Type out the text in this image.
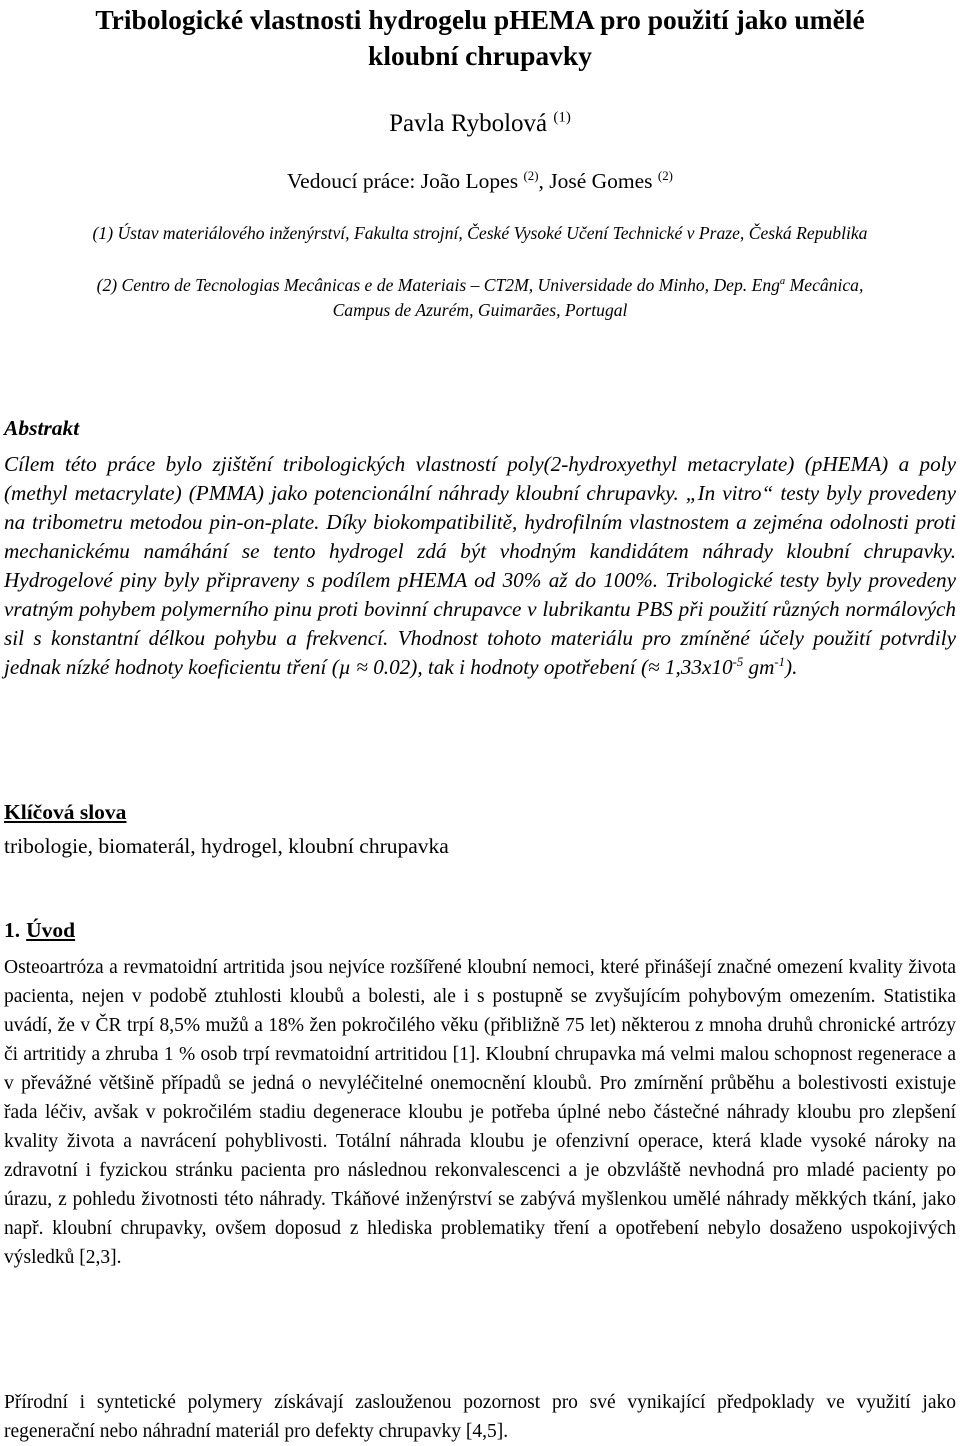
Tribologické vlastnosti hydrogelu pHEMA pro použití jako umělé
kloubní chrupavky
Pavla Rybolová $^{(1)}$
Vedoucí práce: João Lopes $^{(2)}$, José Gomes $^{(2)}$
(1) Ústav materiálového inženýrství, Fakulta strojní, České Vysoké Učení Technické v Praze, Česká Republika
(2) Centro de Tecnologias Mecânicas e de Materiais – CT2M, Universidade do Minho, Dep. Eng$^a$ Mecânica,
Campus de Azurém, Guimarães, Portugal
Abstrakt

Cílem této práce bylo zjištění tribologických vlastností poly(2-hydroxyethyl metacrylate) (pHEMA) a poly (methyl metacrylate) (PMMA) jako potencionální náhrady kloubní chrupavky. „In vitro“ testy byly provedeny na tribometru metodou pin-on-plate. Díky biokompatibilitě, hydrofilním vlastnostem a zejména odolnosti proti mechanickému namáhání se tento hydrogel zdá být vhodným kandidátem náhrady kloubní chrupavky. Hydrogelové piny byly připraveny s podílem pHEMA od 30% až do 100%. Tribologické testy byly provedeny vratným pohybem polymerního pinu proti bovinní chrupavce v lubrikantu PBS při použití různých normálových sil s konstantní délkou pohybu a frekvencí. Vhodnost tohoto materiálu pro zmíněné účely použití potvrdily jednak nízké hodnoty koeficientu tření (µ ≈ 0.02), tak i hodnoty opotřebení (≈ $1,33x10^{-5}$ $gm^{-1}$).

Klíčová slova
tribologie, biomaterál, hydrogel, kloubní chrupavka
1. Úvod

Osteoartróza a revmatoidní artritida jsou nejvíce rozšířené kloubní nemoci, které přinášejí značné omezení kvality života pacienta, nejen v podobě ztuhlosti kloubů a bolesti, ale i s postupně se zvyšujícím pohybovým omezením. Statistika uvádí, že v ČR trpí 8,5% mužů a 18% žen pokročilého věku (přibližně 75 let) některou z mnoha druhů chronické artrózy či artritidy a zhruba 1 % osob trpí revmatoidní artritidou [1]. Kloubní chrupavka má velmi malou schopnost regenerace a v převážné většině případů se jedná o nevyléčitelné onemocnění kloubů. Pro zmírnění průběhu a bolestivosti existuje řada léčiv, avšak v pokročilém stadiu degenerace kloubu je potřeba úplné nebo částečné náhrady kloubu pro zlepšení kvality života a navrácení pohyblivosti. Totální náhrada kloubu je ofenzivní operace, která klade vysoké nároky na zdravotní i fyzickou stránku pacienta pro následnou rekonvalescenci a je obzvláště nevhodná pro mladé pacienty po úrazu, z pohledu životnosti této náhrady. Tkáňové inženýrství se zabývá myšlenkou umělé náhrady měkkých tkání, jako např. kloubní chrupavky, ovšem doposud z hlediska problematiky tření a opotřebení nebylo dosaženo uspokojivých výsledků [2,3].

Přírodní i syntetické polymery získávají zaslouženou pozornost pro své vynikající předpoklady ve využití jako regenerační nebo náhradní materiál pro defekty chrupavky [4,5].
